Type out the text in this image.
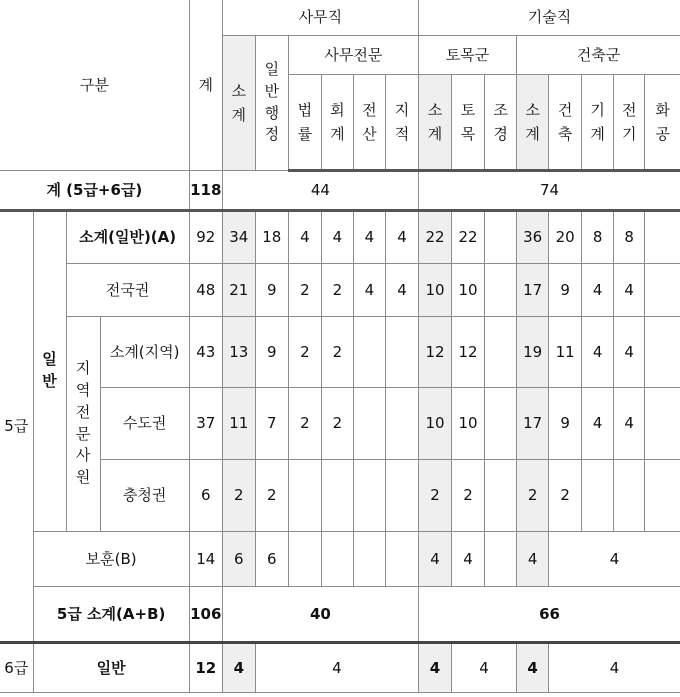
구분				계	사무직						기술직							
					소계	일반행정	사무전문				토목군			건축군				
							법률	회계	전산	지적	소계	토목	조경	소계	건축	기계	전기	화공
계 (5급+6급)				118	44						74							
5급	일반	소계(일반)(A)		92	34	18	4	4	4	4	22	22		36	20	8	8	
		전국권		48	21	9	2	2	4	4	10	10		17	9	4	4	
		지역전문사원	소계(지역)	43	13	9	2	2			12	12		19	11	4	4	
			수도권	37	11	7	2	2			10	10		17	9	4	4	
			충청권	6	2	2					2	2		2	2			
	보훈(B)			14	6	6					4	4		4	4			
	5급 소계(A+B)			106	40						66							
6급	일반			12	4	4					4	4		4	4			
